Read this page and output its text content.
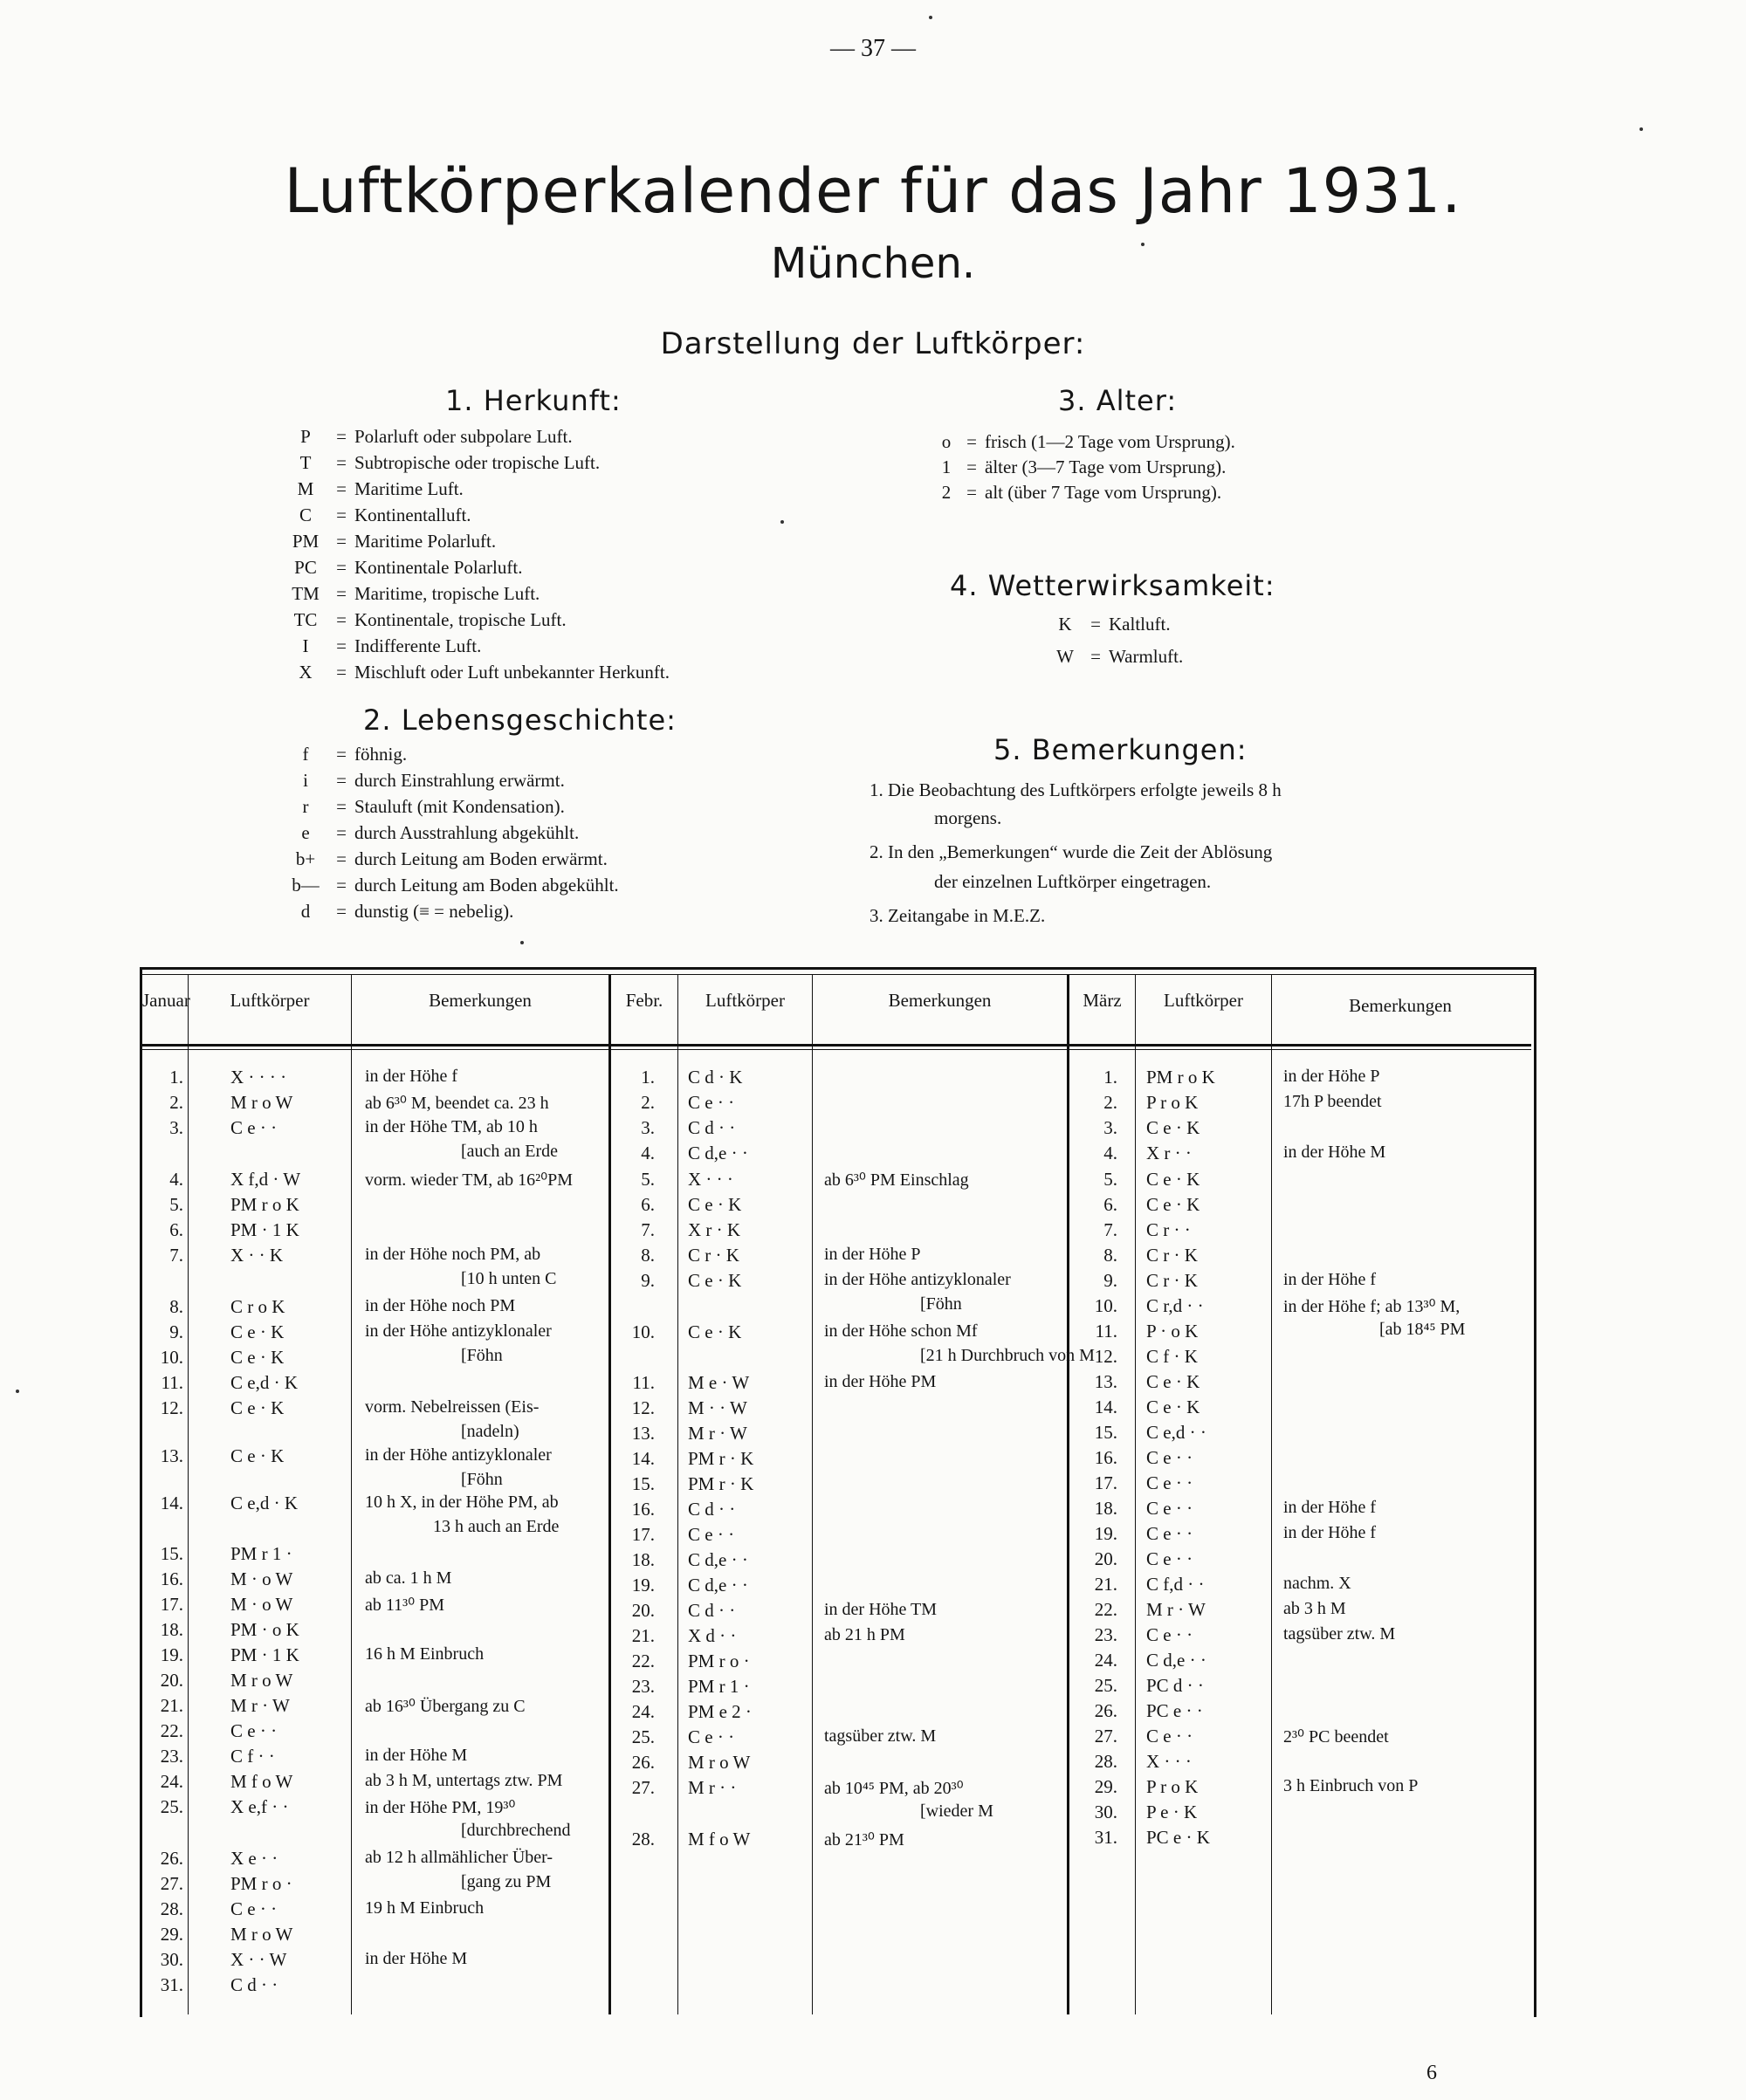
— 37 —
Luftkörperkalender für das Jahr 1931.
München.
Darstellung der Luftkörper:
1. Herkunft:
P = Polarluft oder subpolare Luft.
T = Subtropische oder tropische Luft.
M = Maritime Luft.
C = Kontinentalluft.
PM = Maritime Polarluft.
PC = Kontinentale Polarluft.
TM = Maritime, tropische Luft.
TC = Kontinentale, tropische Luft.
I = Indifferente Luft.
X = Mischluft oder Luft unbekannter Herkunft.
2. Lebensgeschichte:
f = föhnig.
i = durch Einstrahlung erwärmt.
r = Stauluft (mit Kondensation).
e = durch Ausstrahlung abgekühlt.
b+ = durch Leitung am Boden erwärmt.
b— = durch Leitung am Boden abgekühlt.
d = dunstig (≡ = nebelig).
3. Alter:
o = frisch (1—2 Tage vom Ursprung).
1 = älter (3—7 Tage vom Ursprung).
2 = alt (über 7 Tage vom Ursprung).
4. Wetterwirksamkeit:
K = Kaltluft.
W = Warmluft.
5. Bemerkungen:
1. Die Beobachtung des Luftkörpers erfolgte jeweils 8 h
morgens.
2. In den „Bemerkungen“ wurde die Zeit der Ablösung
der einzelnen Luftkörper eingetragen.
3. Zeitangabe in M.E.Z.
Januar	Luftkörper	Bemerkungen	Febr.	Luftkörper	Bemerkungen	März	Luftkörper	Bemerkungen
1.	X · · · ·	in der Höhe f
2.	M r o W	ab 6³⁰ M, beendet ca. 23 h
3.	C e · ·	in der Höhe TM, ab 10 h
[auch an Erde
4.	X f,d · W	vorm. wieder TM, ab 16²⁰PM
5.	PM r o K
6.	PM · 1 K
7.	X · · K	in der Höhe noch PM, ab
[10 h unten C
8.	C r o K	in der Höhe noch PM
9.	C e · K	in der Höhe antizyklonaler
[Föhn
10.	C e · K
11.	C e,d · K
12.	C e · K	vorm. Nebelreissen (Eis-
[nadeln)
13.	C e · K	in der Höhe antizyklonaler
[Föhn
14.	C e,d · K	10 h X, in der Höhe PM, ab
13 h auch an Erde
15.	PM r 1 ·
16.	M · o W	ab ca. 1 h M
17.	M · o W	ab 11³⁰ PM
18.	PM · o K
19.	PM · 1 K	16 h M Einbruch
20.	M r o W
21.	M r · W	ab 16³⁰ Übergang zu C
22.	C e · ·
23.	C f · ·	in der Höhe M
24.	M f o W	ab 3 h M, untertags ztw. PM
25.	X e,f · ·	in der Höhe PM, 19³⁰
[durchbrechend
26.	X e · ·	ab 12 h allmählicher Über-
[gang zu PM
27.	PM r o ·
28.	C e · ·	19 h M Einbruch
29.	M r o W
30.	X · · W	in der Höhe M
31.	C d · ·
1. C d · K
2. C e · ·
3. C d · ·
4. C d,e · ·
5. X · · ·	ab 6³⁰ PM Einschlag
6. C e · K
7. X r · K
8. C r · K	in der Höhe P
9. C e · K	in der Höhe antizyklonaler
[Föhn
10. C e · K	in der Höhe schon Mf
[21 h Durchbruch von M
11. M e · W	in der Höhe PM
12. M · · W
13. M r · W
14. PM r · K
15. PM r · K
16. C d · ·
17. C e · ·
18. C d,e · ·
19. C d,e · ·
20. C d · ·	in der Höhe TM
21. X d · ·	ab 21 h PM
22. PM r o ·
23. PM r 1 ·
24. PM e 2 ·
25. C e · ·	tagsüber ztw. M
26. M r o W
27. M r · ·	ab 10⁴⁵ PM, ab 20³⁰
[wieder M
28. M f o W	ab 21³⁰ PM
1. PM r o K	in der Höhe P
2. P r o K	17h P beendet
3. C e · K
4. X r · ·	in der Höhe M
5. C e · K
6. C e · K
7. C r · ·
8. C r · K
9. C r · K	in der Höhe f
10. C r,d · ·	in der Höhe f; ab 13³⁰ M,
[ab 18⁴⁵ PM
11. P · o K
12. C f · K
13. C e · K
14. C e · K
15. C e,d · ·
16. C e · ·
17. C e · ·
18. C e · ·	in der Höhe f
19. C e · ·	in der Höhe f
20. C e · ·
21. C f,d · ·	nachm. X
22. M r · W	ab 3 h M
23. C e · ·	tagsüber ztw. M
24. C d,e · ·
25. PC d · ·
26. PC e · ·
27. C e · ·	2³⁰ PC beendet
28. X · · ·
29. P r o K	3 h Einbruch von P
30. P e · K
31. PC e · K
6
